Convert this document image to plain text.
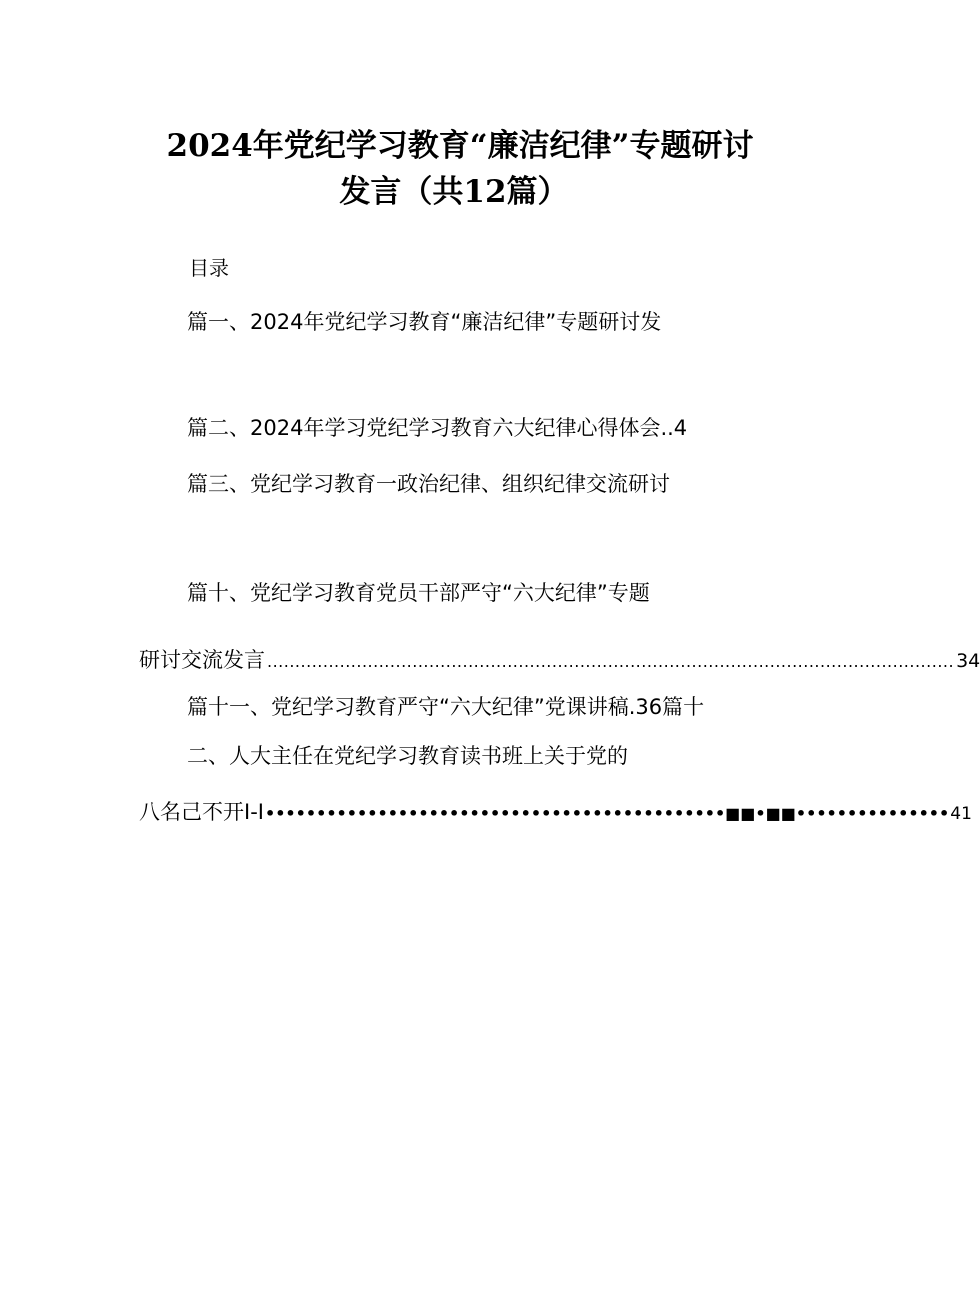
2024年党纪学习教育“廉洁纪律”专题研讨
发言（共12篇）
目录
篇一、2024年党纪学习教育“廉洁纪律”专题研讨发
篇二、2024年学习党纪学习教育六大纪律心得体会..4
篇三、党纪学习教育一政治纪律、组织纪律交流研讨
篇十、党纪学习教育党员干部严守“六大纪律”专题
研讨交流发言 ........................................................................................................................... 34
篇十一、党纪学习教育严守“六大纪律”党课讲稿.36篇十
二、人大主任在党纪学习教育读书班上关于党的
八名己不开I-I •••••••••••••••••••••••••••••••••••••••••••••■■•■■••••••••••••••• 41
